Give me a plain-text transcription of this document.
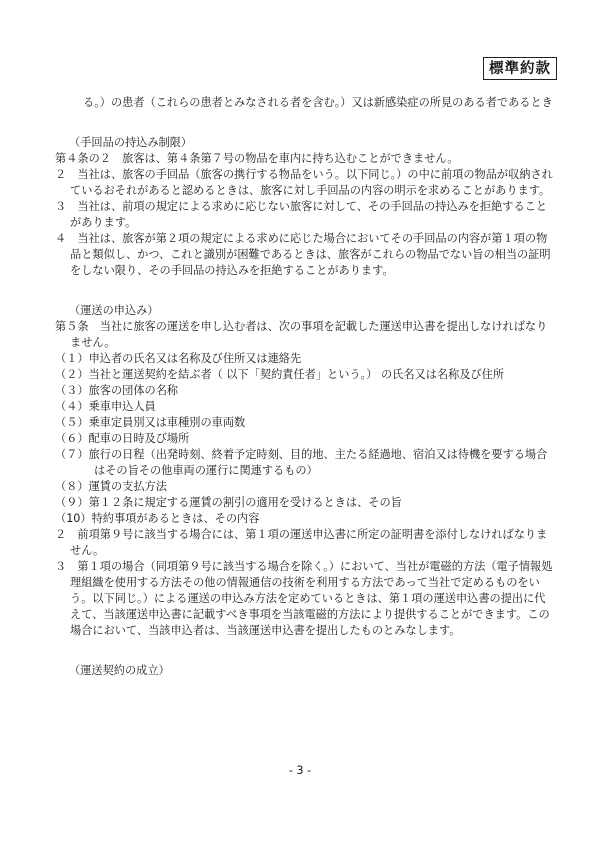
標準約款

る。）の患者（これらの患者とみなされる者を含む。）又は新感染症の所見のある者であるとき

（手回品の持込み制限）

第４条の２　旅客は、第４条第７号の物品を車内に持ち込むことができません。

２　当社は、旅客の手回品（旅客の携行する物品をいう。以下同じ。）の中に前項の物品が収納されているおそれがあると認めるときは、旅客に対し手回品の内容の明示を求めることがあります。

３　当社は、前項の規定による求めに応じない旅客に対して、その手回品の持込みを拒絶することがあります。

４　当社は、旅客が第２項の規定による求めに応じた場合においてその手回品の内容が第１項の物品と類似し、かつ、これと識別が困難であるときは、旅客がこれらの物品でない旨の相当の証明をしない限り、その手回品の持込みを拒絶することがあります。

（運送の申込み）

第５条　当社に旅客の運送を申し込む者は、次の事項を記載した運送申込書を提出しなければなりません。

（１）申込者の氏名又は名称及び住所又は連絡先

（２）当社と運送契約を結ぶ者（ 以下「契約責任者」という。） の氏名又は名称及び住所

（３）旅客の団体の名称

（４）乗車申込人員

（５）乗車定員別又は車種別の車両数

（６）配車の日時及び場所

（７）旅行の日程（出発時刻、終着予定時刻、目的地、主たる経過地、宿泊又は待機を要する場合はその旨その他車両の運行に関連するもの）

（８）運賃の支払方法

（９）第１２条に規定する運賃の割引の適用を受けるときは、その旨

（10）特約事項があるときは、その内容

２　前項第９号に該当する場合には、第１項の運送申込書に所定の証明書を添付しなければなりません。

３　第１項の場合（同項第９号に該当する場合を除く。）において、当社が電磁的方法（電子情報処理組織を使用する方法その他の情報通信の技術を利用する方法であって当社で定めるものをいう。以下同じ。）による運送の申込み方法を定めているときは、第１項の運送申込書の提出に代えて、当該運送申込書に記載すべき事項を当該電磁的方法により提供することができます。この場合において、当該申込者は、当該運送申込書を提出したものとみなします。

（運送契約の成立）

- 3 -
